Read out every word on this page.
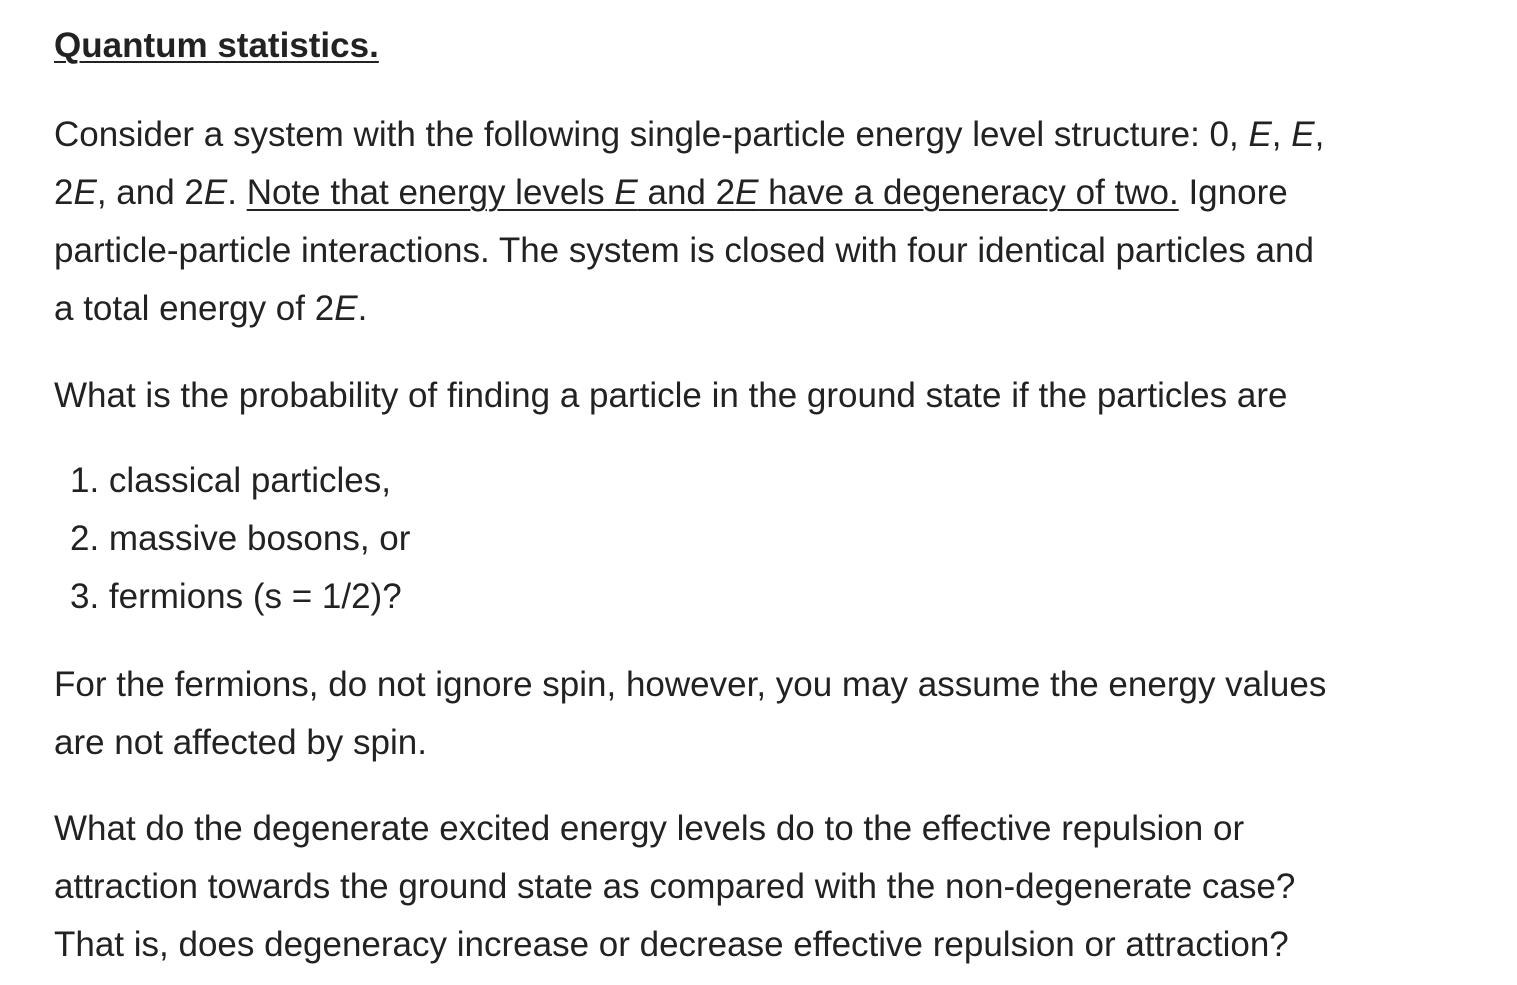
Quantum statistics.
Consider a system with the following single-particle energy level structure: 0, E, E,
2E, and 2E. Note that energy levels E and 2E have a degeneracy of two. Ignore
particle-particle interactions. The system is closed with four identical particles and
a total energy of 2E.

What is the probability of finding a particle in the ground state if the particles are

1. classical particles,
2. massive bosons, or
3. fermions (s = 1/2)?
For the fermions, do not ignore spin, however, you may assume the energy values
are not affected by spin.
What do the degenerate excited energy levels do to the effective repulsion or
attraction towards the ground state as compared with the non-degenerate case?
That is, does degeneracy increase or decrease effective repulsion or attraction?
